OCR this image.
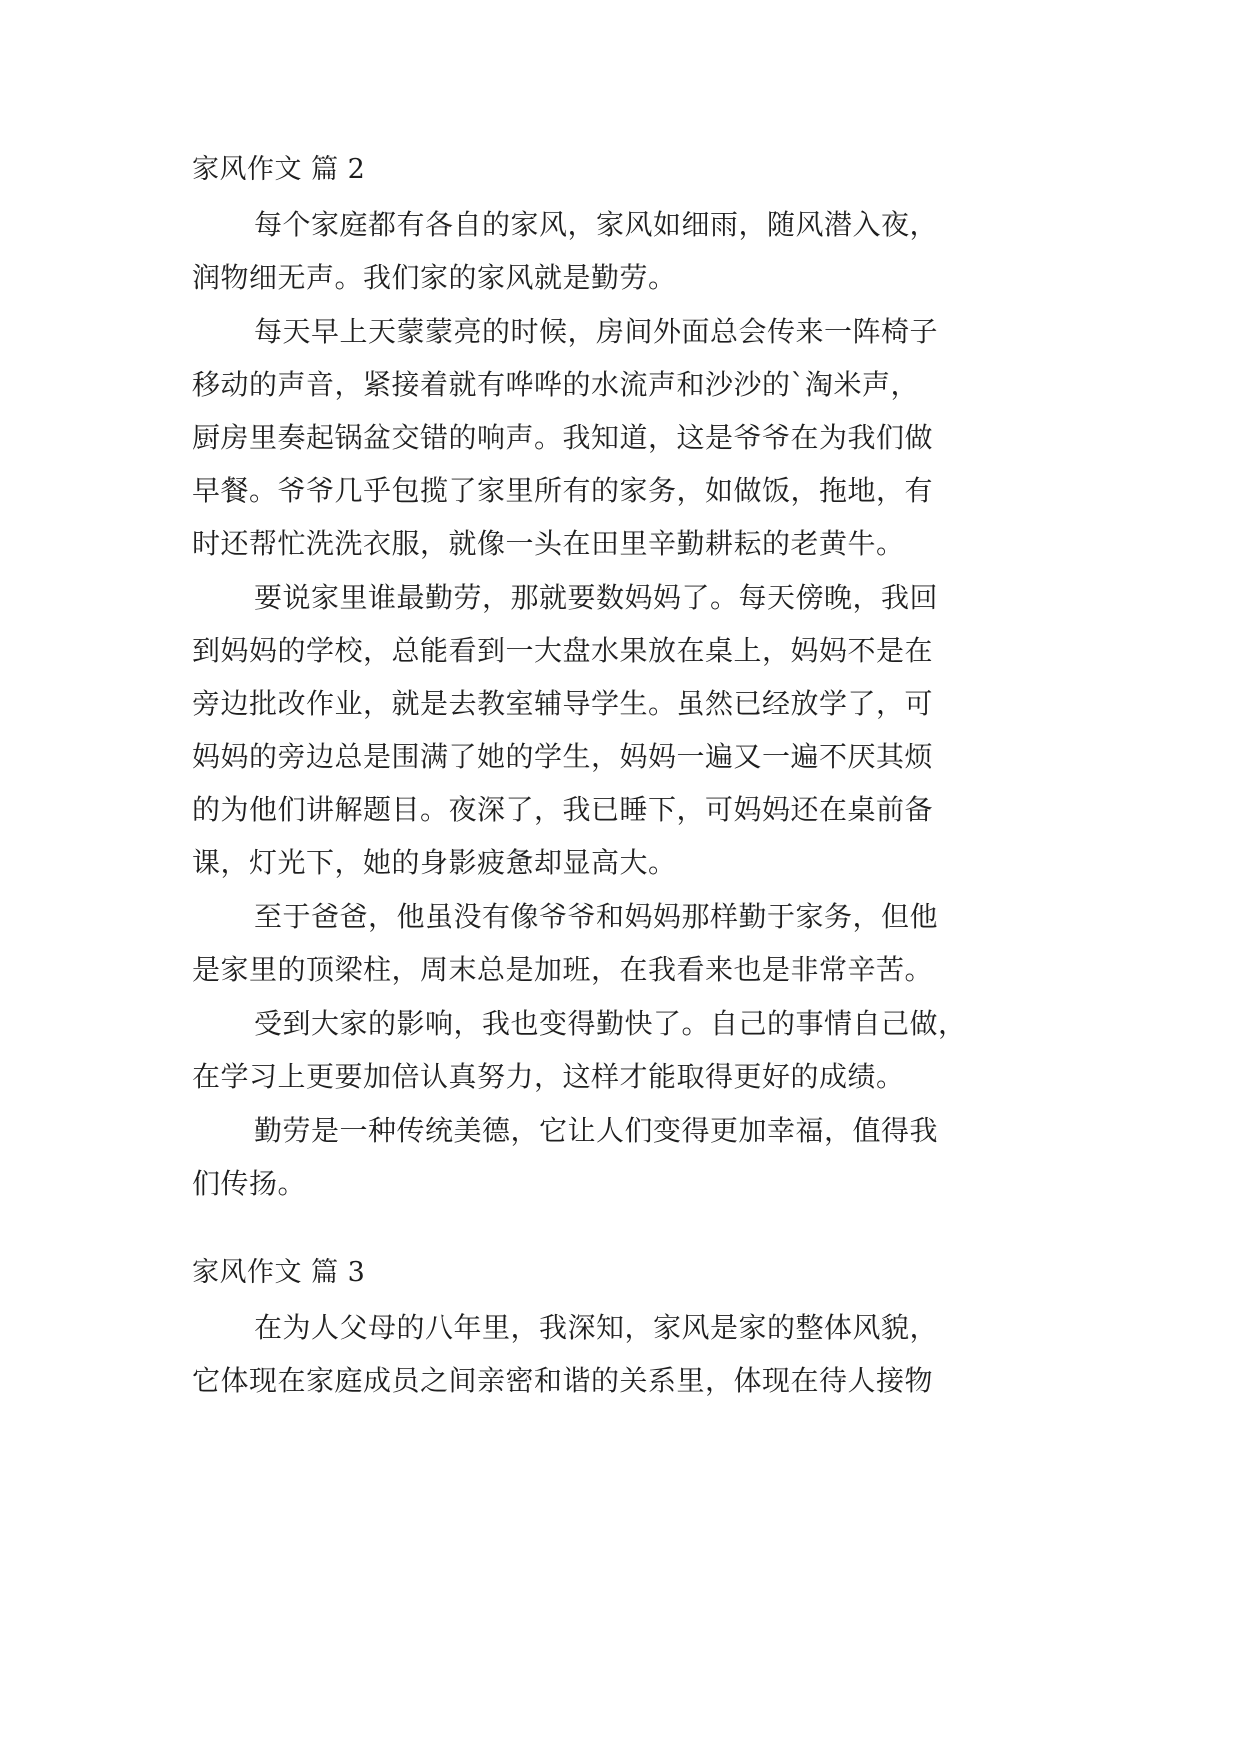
家风作文 篇 2
每个家庭都有各自的家风，家风如细雨，随风潜入夜，
润物细无声。我们家的家风就是勤劳。
每天早上天蒙蒙亮的时候，房间外面总会传来一阵椅子
移动的声音，紧接着就有哗哗的水流声和沙沙的`淘米声，
厨房里奏起锅盆交错的响声。我知道，这是爷爷在为我们做
早餐。爷爷几乎包揽了家里所有的家务，如做饭，拖地，有
时还帮忙洗洗衣服，就像一头在田里辛勤耕耘的老黄牛。
要说家里谁最勤劳，那就要数妈妈了。每天傍晚，我回
到妈妈的学校，总能看到一大盘水果放在桌上，妈妈不是在
旁边批改作业，就是去教室辅导学生。虽然已经放学了，可
妈妈的旁边总是围满了她的学生，妈妈一遍又一遍不厌其烦
的为他们讲解题目。夜深了，我已睡下，可妈妈还在桌前备
课，灯光下，她的身影疲惫却显高大。
至于爸爸，他虽没有像爷爷和妈妈那样勤于家务，但他
是家里的顶梁柱，周末总是加班，在我看来也是非常辛苦。
受到大家的影响，我也变得勤快了。自己的事情自己做，
在学习上更要加倍认真努力，这样才能取得更好的成绩。
勤劳是一种传统美德，它让人们变得更加幸福，值得我
们传扬。
家风作文 篇 3
在为人父母的八年里，我深知，家风是家的整体风貌，
它体现在家庭成员之间亲密和谐的关系里，体现在待人接物
